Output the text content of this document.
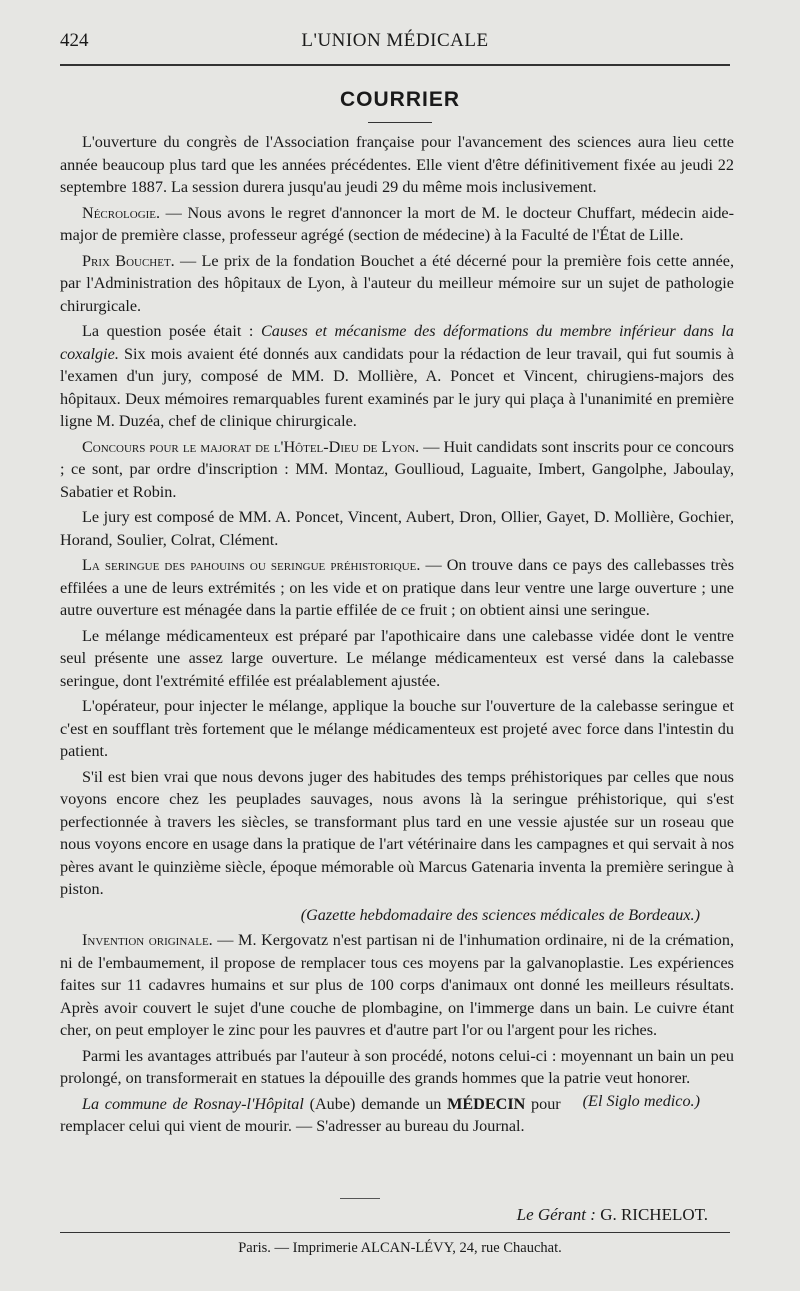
424	L'UNION MÉDICALE
COURRIER

L'ouverture du congrès de l'Association française pour l'avancement des sciences aura lieu cette année beaucoup plus tard que les années précédentes. Elle vient d'être définitivement fixée au jeudi 22 septembre 1887. La session durera jusqu'au jeudi 29 du même mois inclusivement.

Nécrologie. — Nous avons le regret d'annoncer la mort de M. le docteur Chuffart, médecin aide-major de première classe, professeur agrégé (section de médecine) à la Faculté de l'État de Lille.

Prix Bouchet. — Le prix de la fondation Bouchet a été décerné pour la première fois cette année, par l'Administration des hôpitaux de Lyon, à l'auteur du meilleur mémoire sur un sujet de pathologie chirurgicale.

La question posée était : Causes et mécanisme des déformations du membre inférieur dans la coxalgie. Six mois avaient été donnés aux candidats pour la rédaction de leur travail, qui fut soumis à l'examen d'un jury, composé de MM. D. Mollière, A. Poncet et Vincent, chirugiens-majors des hôpitaux. Deux mémoires remarquables furent examinés par le jury qui plaça à l'unanimité en première ligne M. Duzéa, chef de clinique chirurgicale.

Concours pour le majorat de l'Hôtel-Dieu de Lyon. — Huit candidats sont inscrits pour ce concours ; ce sont, par ordre d'inscription : MM. Montaz, Goullioud, Laguaite, Imbert, Gangolphe, Jaboulay, Sabatier et Robin.

Le jury est composé de MM. A. Poncet, Vincent, Aubert, Dron, Ollier, Gayet, D. Mollière, Gochier, Horand, Soulier, Colrat, Clément.

La seringue des pahouins ou seringue préhistorique. — On trouve dans ce pays des callebasses très effilées a une de leurs extrémités ; on les vide et on pratique dans leur ventre une large ouverture ; une autre ouverture est ménagée dans la partie effilée de ce fruit ; on obtient ainsi une seringue.

Le mélange médicamenteux est préparé par l'apothicaire dans une calebasse vidée dont le ventre seul présente une assez large ouverture. Le mélange médicamenteux est versé dans la calebasse seringue, dont l'extrémité effilée est préalablement ajustée.

L'opérateur, pour injecter le mélange, applique la bouche sur l'ouverture de la calebasse seringue et c'est en soufflant très fortement que le mélange médicamenteux est projeté avec force dans l'intestin du patient.

S'il est bien vrai que nous devons juger des habitudes des temps préhistoriques par celles que nous voyons encore chez les peuplades sauvages, nous avons là la seringue préhistorique, qui s'est perfectionnée à travers les siècles, se transformant plus tard en une vessie ajustée sur un roseau que nous voyons encore en usage dans la pratique de l'art vétérinaire dans les campagnes et qui servait à nos pères avant le quinzième siècle, époque mémorable où Marcus Gatenaria inventa la première seringue à piston.

(Gazette hebdomadaire des sciences médicales de Bordeaux.)

Invention originale. — M. Kergovatz n'est partisan ni de l'inhumation ordinaire, ni de la crémation, ni de l'embaumement, il propose de remplacer tous ces moyens par la galvanoplastie. Les expériences faites sur 11 cadavres humains et sur plus de 100 corps d'animaux ont donné les meilleurs résultats. Après avoir couvert le sujet d'une couche de plombagine, on l'immerge dans un bain. Le cuivre étant cher, on peut employer le zinc pour les pauvres et d'autre part l'or ou l'argent pour les riches.

Parmi les avantages attribués par l'auteur à son procédé, notons celui-ci : moyennant un bain un peu prolongé, on transformerait en statues la dépouille des grands hommes que la patrie veut honorer.
(El Siglo medico.)

La commune de Rosnay-l'Hôpital (Aube) demande un MÉDECIN pour remplacer celui qui vient de mourir. — S'adresser au bureau du Journal.

Le Gérant : G. RICHELOT.
Paris. — Imprimerie ALCAN-LÉVY, 24, rue Chauchat.
